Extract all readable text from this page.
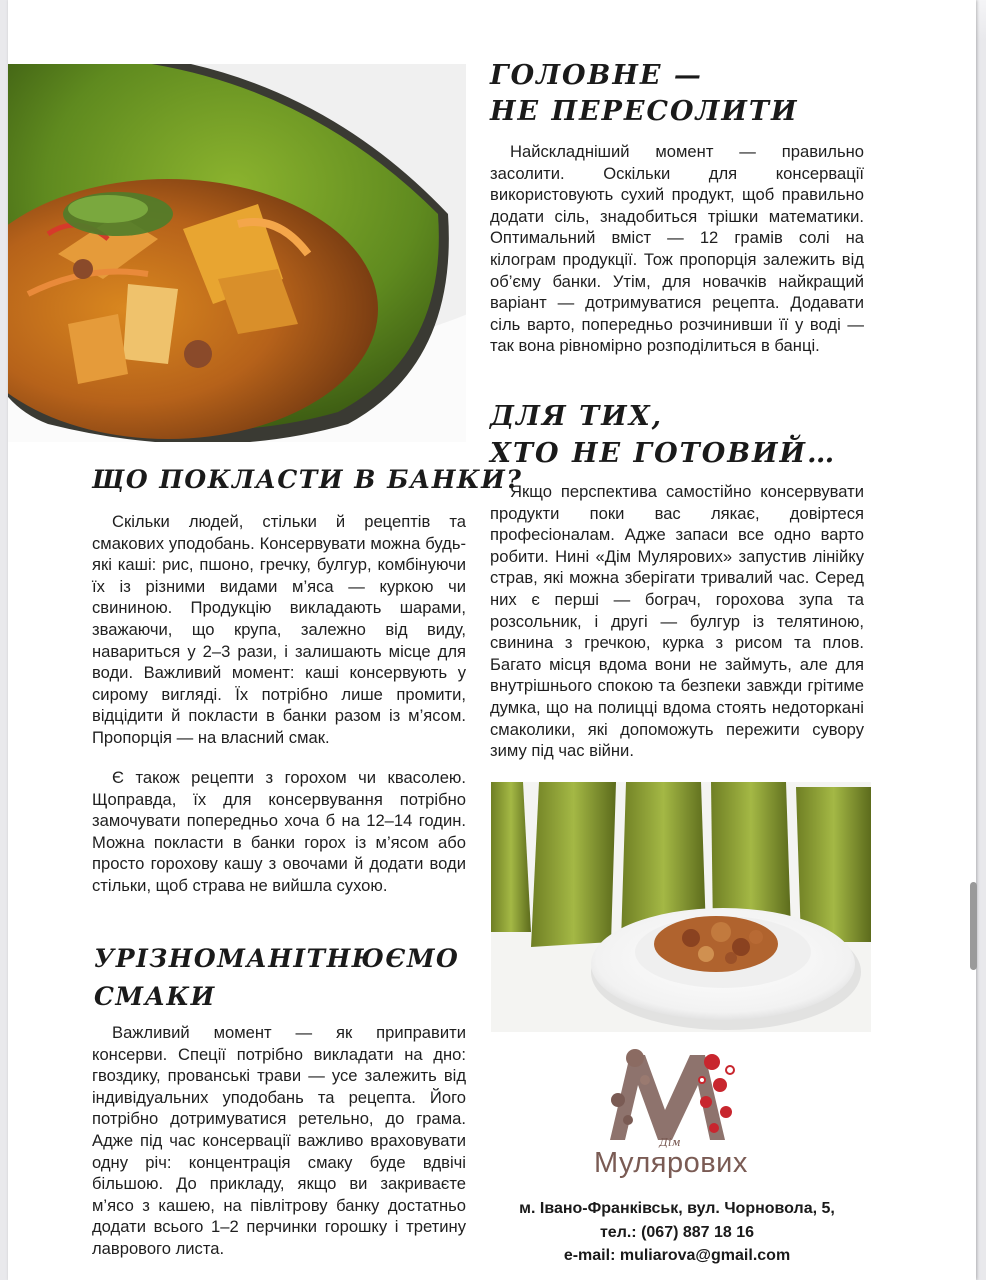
ГОЛОВНЕ —
НЕ ПЕРЕСОЛИТИ

Найскладніший момент — правильно засолити. Оскільки для консервації використовують сухий продукт, щоб правильно додати сіль, знадобиться трішки математики. Оптимальний вміст — 12 грамів солі на кілограм продукції. Тож пропорція залежить від об’єму банки. Утім, для новачків найкращий варіант — дотримуватися рецепта. Додавати сіль варто, попередньо розчинивши її у воді — так вона рівномірно розподілиться в банці.

ДЛЯ ТИХ,
ХТО НЕ ГОТОВИЙ…

Якщо перспектива самостійно консервувати продукти поки вас лякає, довіртеся професіоналам. Адже запаси все одно варто робити. Нині «Дім Мулярових» запустив лінійку страв, які можна зберігати тривалий час. Серед них є перші — бограч, горохова зупа та розсольник, і другі — булгур із телятиною, свинина з гречкою, курка з рисом та плов. Багато місця вдома вони не займуть, але для внутрішнього спокою та безпеки завжди грітиме думка, що на полицці вдома стоять недоторкані смаколики, які допоможуть пережити сувору зиму під час війни.

ЩО ПОКЛАСТИ В БАНКИ?

Скільки людей, стільки й рецептів та смакових уподобань. Консервувати можна будь-які каші: рис, пшоно, гречку, булгур, комбінуючи їх із різними видами м’яса — куркою чи свининою. Продукцію викладають шарами, зважаючи, що крупа, залежно від виду, навариться у 2–3 рази, і залишають місце для води. Важливий момент: каші консервують у сирому вигляді. Їх потрібно лише промити, відцідити й покласти в банки разом із м’ясом. Пропорція — на власний смак.

Є також рецепти з горохом чи квасолею. Щоправда, їх для консервування потрібно замочувати попередньо хоча б на 12–14 годин. Можна покласти в банки горох із м’ясом або просто горохову кашу з овочами й додати води стільки, щоб страва не вийшла сухою.

УРІЗНОМАНІТНЮЄМО
СМАКИ

Важливий момент — як приправити консерви. Спеції потрібно викладати на дно: гвоздику, прованські трави — усе залежить від індивідуальних уподобань та рецепта. Його потрібно дотримуватися ретельно, до грама. Адже під час консервації важливо враховувати одну річ: концентрація смаку буде вдвічі більшою. До прикладу, якщо ви закриваєте м’ясо з кашею, на півлітрову банку достатньо додати всього 1–2 перчинки горошку і третину лаврового листа.

Дім
Мулярових

м. Івано-Франківськ, вул. Чорновола, 5,

тел.: (067) 887 18 16

e-mail: muliarova@gmail.com
